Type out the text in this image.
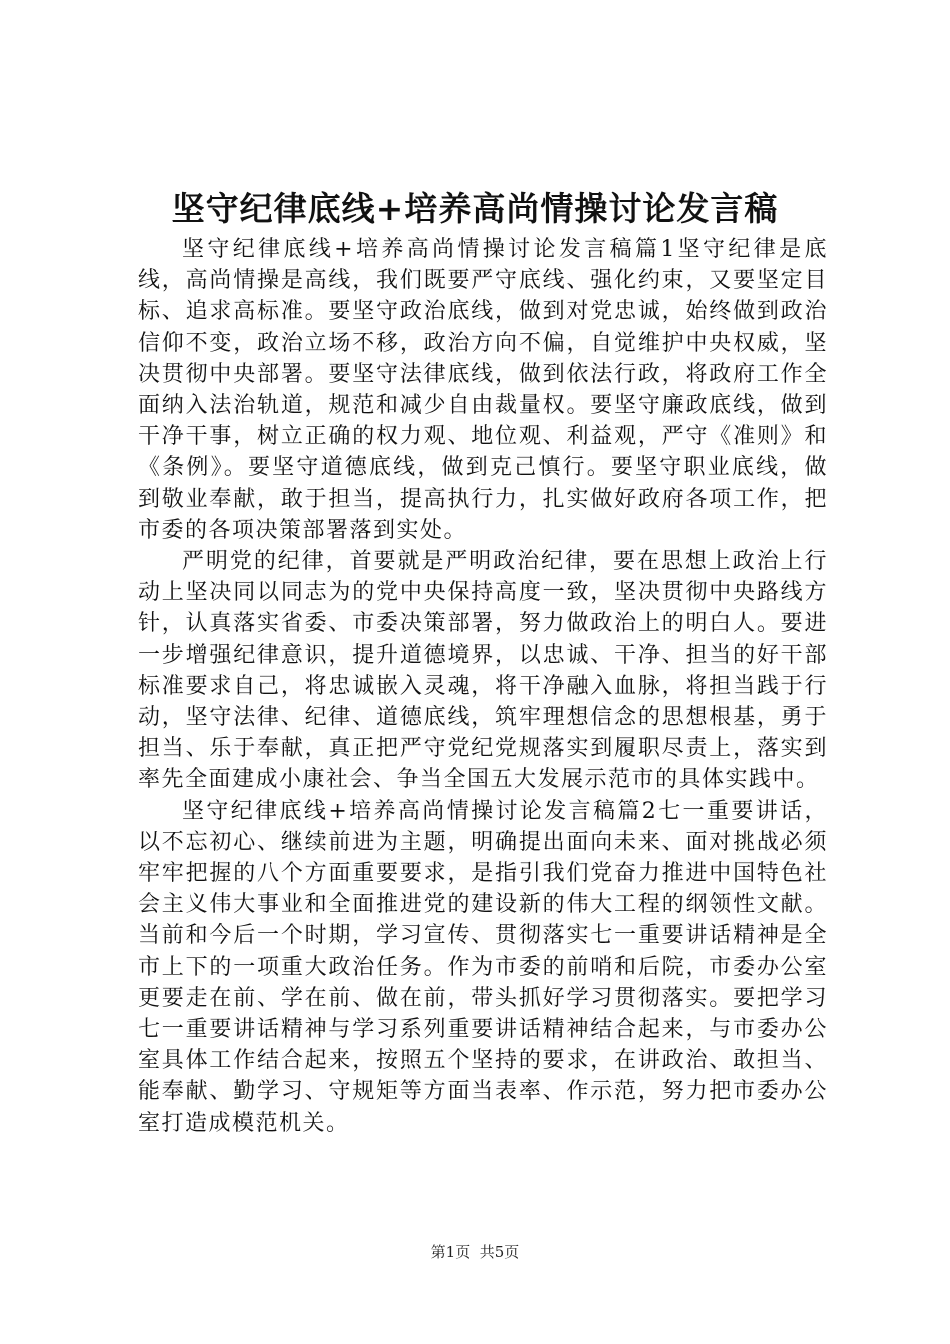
坚守纪律底线+培养高尚情操讨论发言稿

坚守纪律底线+培养高尚情操讨论发言稿篇1坚守纪律是底线，高尚情操是高线，我们既要严守底线、强化约束，又要坚定目标、追求高标准。要坚守政治底线，做到对党忠诚，始终做到政治信仰不变，政治立场不移，政治方向不偏，自觉维护中央权威，坚决贯彻中央部署。要坚守法律底线，做到依法行政，将政府工作全面纳入法治轨道，规范和减少自由裁量权。要坚守廉政底线，做到干净干事，树立正确的权力观、地位观、利益观，严守《准则》和《条例》。要坚守道德底线，做到克己慎行。要坚守职业底线，做到敬业奉献，敢于担当，提高执行力，扎实做好政府各项工作，把市委的各项决策部署落到实处。

严明党的纪律，首要就是严明政治纪律，要在思想上政治上行动上坚决同以同志为的党中央保持高度一致，坚决贯彻中央路线方针，认真落实省委、市委决策部署，努力做政治上的明白人。要进一步增强纪律意识，提升道德境界，以忠诚、干净、担当的好干部标准要求自己，将忠诚嵌入灵魂，将干净融入血脉，将担当践于行动，坚守法律、纪律、道德底线，筑牢理想信念的思想根基，勇于担当、乐于奉献，真正把严守党纪党规落实到履职尽责上，落实到率先全面建成小康社会、争当全国五大发展示范市的具体实践中。

坚守纪律底线+培养高尚情操讨论发言稿篇2七一重要讲话，以不忘初心、继续前进为主题，明确提出面向未来、面对挑战必须牢牢把握的八个方面重要要求，是指引我们党奋力推进中国特色社会主义伟大事业和全面推进党的建设新的伟大工程的纲领性文献。当前和今后一个时期，学习宣传、贯彻落实七一重要讲话精神是全市上下的一项重大政治任务。作为市委的前哨和后院，市委办公室更要走在前、学在前、做在前，带头抓好学习贯彻落实。要把学习七一重要讲话精神与学习系列重要讲话精神结合起来，与市委办公室具体工作结合起来，按照五个坚持的要求，在讲政治、敢担当、能奉献、勤学习、守规矩等方面当表率、作示范，努力把市委办公室打造成模范机关。

第1页 共5页
